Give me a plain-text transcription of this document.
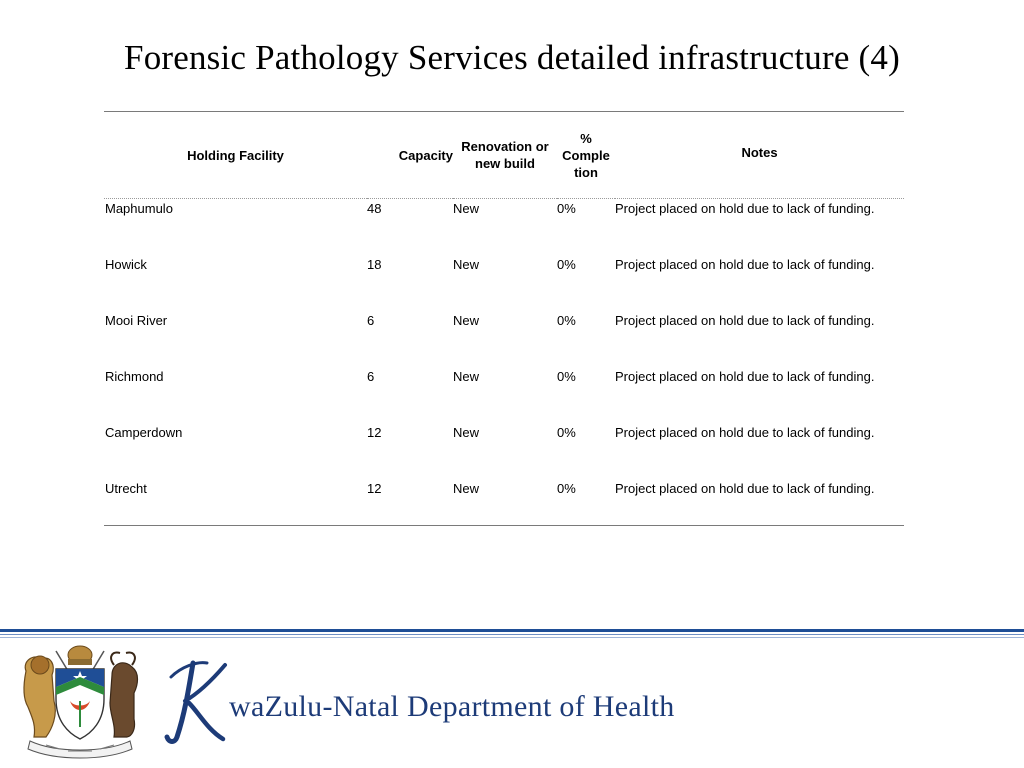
Forensic Pathology Services detailed infrastructure (4)
Holding Facility	Capacity	Renovation or new build	% Comple tion	Notes
Maphumulo	48	New	0%	Project placed on hold due to lack of funding.
Howick	18	New	0%	Project placed on hold due to lack of funding.
Mooi River	6	New	0%	Project placed on hold due to lack of funding.
Richmond	6	New	0%	Project placed on hold due to lack of funding.
Camperdown	12	New	0%	Project placed on hold due to lack of funding.
Utrecht	12	New	0%	Project placed on hold due to lack of funding.
waZulu-Natal Department of Health
